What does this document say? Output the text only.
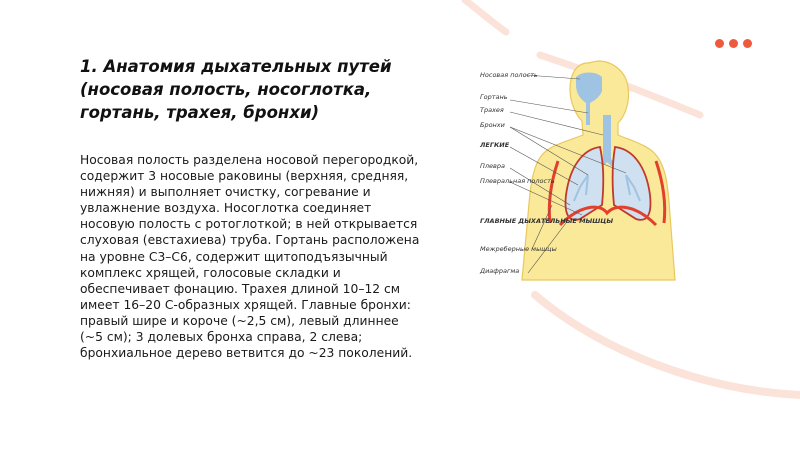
1. Анатомия дыхательных путей (носовая полость, носоглотка, гортань, трахея, бронхи)

Носовая полость разделена носовой перегородкой, содержит 3 носовые раковины (верхняя, средняя, нижняя) и выполняет очистку, согревание и увлажнение воздуха. Носоглотка соединяет носовую полость с ротоглоткой; в ней открывается слуховая (евстахиева) труба. Гортань расположена на уровне C3–C6, содержит щитоподъязычный комплекс хрящей, голосовые складки и обеспечивает фонацию. Трахея длиной 10–12 см имеет 16–20 С-образных хрящей. Главные бронхи: правый шире и короче (~2,5 см), левый длиннее (~5 см); 3 долевых бронха справа, 2 слева; бронхиальное дерево ветвится до ~23 поколений.

Носовая полость
Гортань
Трахея
Бронхи
ЛЕГКИЕ
Плевра
Плевральная полость
ГЛАВНЫЕ ДЫХАТЕЛЬНЫЕ МЫШЦЫ
Межреберные мышцы
Диафрагма
